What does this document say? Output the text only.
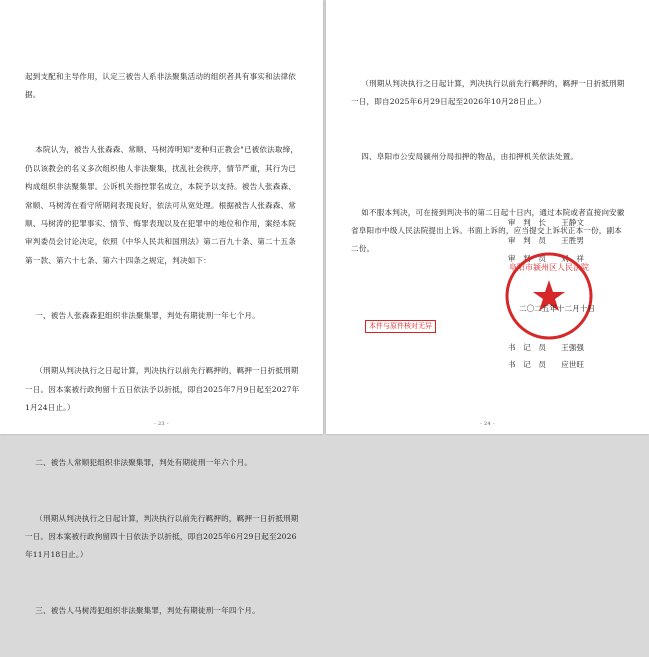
起到支配和主导作用，认定三被告人系非法聚集活动的组织者具有事实和法律依据。

本院认为，被告人张森森、常顺、马树涛明知"麦种归正教会"已被依法取缔，仍以该教会的名义多次组织他人非法聚集，扰乱社会秩序，情节严重，其行为已构成组织非法聚集罪。公诉机关指控罪名成立，本院予以支持。被告人张森森、常顺、马树涛在看守所期间表现良好，依法可从宽处理。根据被告人张森森、常顺、马树涛的犯罪事实、情节、悔罪表现以及在犯罪中的地位和作用，案经本院审判委员会讨论决定，依照《中华人民共和国刑法》第二百九十条、第二十五条第一款、第六十七条、第六十四条之规定，判决如下：

一、被告人张森森犯组织非法聚集罪，判处有期徒刑一年七个月。

（刑期从判决执行之日起计算，判决执行以前先行羁押的，羁押一日折抵刑期一日。因本案被行政拘留十五日依法予以折抵，即自2025年7月9日起至2027年1月24日止。）

二、被告人常顺犯组织非法聚集罪，判处有期徒刑一年六个月。

（刑期从判决执行之日起计算，判决执行以前先行羁押的，羁押一日折抵刑期一日。因本案被行政拘留四十日依法予以折抵，即自2025年6月29日起至2026年11月18日止。）

三、被告人马树涛犯组织非法聚集罪，判处有期徒刑一年四个月。

- 23 -

（刑期从判决执行之日起计算，判决执行以前先行羁押的，羁押一日折抵刑期一日，即自2025年6月29日起至2026年10月28日止。）

四、阜阳市公安局颍州分局扣押的物品，由扣押机关依法处置。

如不服本判决，可在接到判决书的第二日起十日内，通过本院或者直接向安徽省阜阳市中级人民法院提出上诉。书面上诉的，应当提交上诉状正本一份，副本二份。

审　判　长　　王静文
审　判　员　　王胜男
审　判　员　　刘　祥
阜阳市颍州区人民法院
二〇二五年十二月十日
本件与原件核对无异
书　记　员　　王强强
书　记　员　　应世旺
- 24 -
